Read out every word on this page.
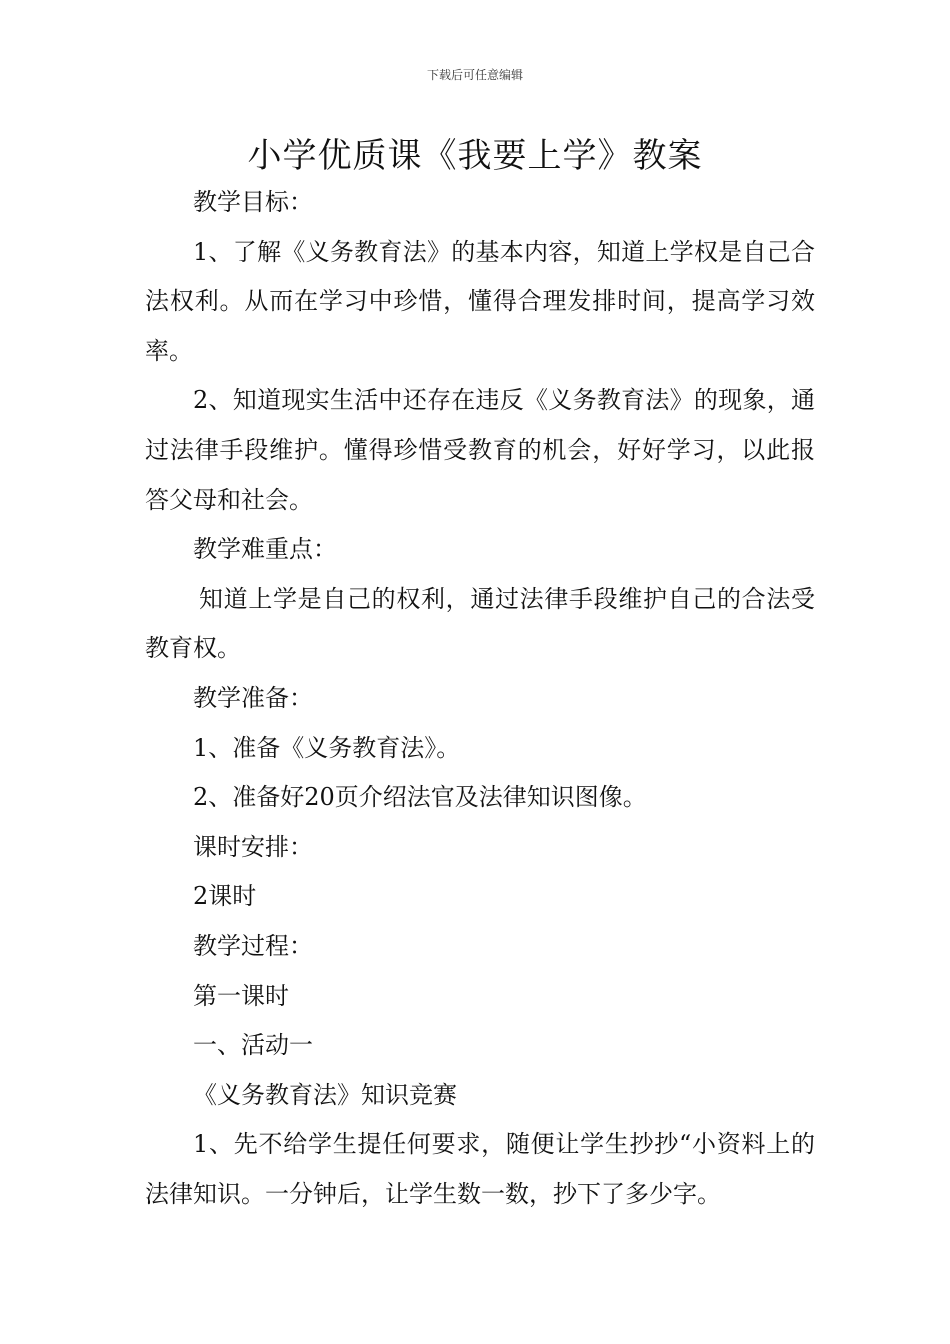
下载后可任意编辑
小学优质课《我要上学》教案

教学目标：

1、了解《义务教育法》的基本内容，知道上学权是自己合法权利。从而在学习中珍惜，懂得合理发排时间，提高学习效率。

2、知道现实生活中还存在违反《义务教育法》的现象，通过法律手段维护。懂得珍惜受教育的机会，好好学习，以此报答父母和社会。

教学难重点：

知道上学是自己的权利，通过法律手段维护自己的合法受教育权。

教学准备：

1、准备《义务教育法》。

2、准备好20页介绍法官及法律知识图像。

课时安排：

2课时

教学过程：

第一课时

一、活动一

《义务教育法》知识竞赛

1、先不给学生提任何要求，随便让学生抄抄“小资料上的法律知识。一分钟后，让学生数一数，抄下了多少字。
